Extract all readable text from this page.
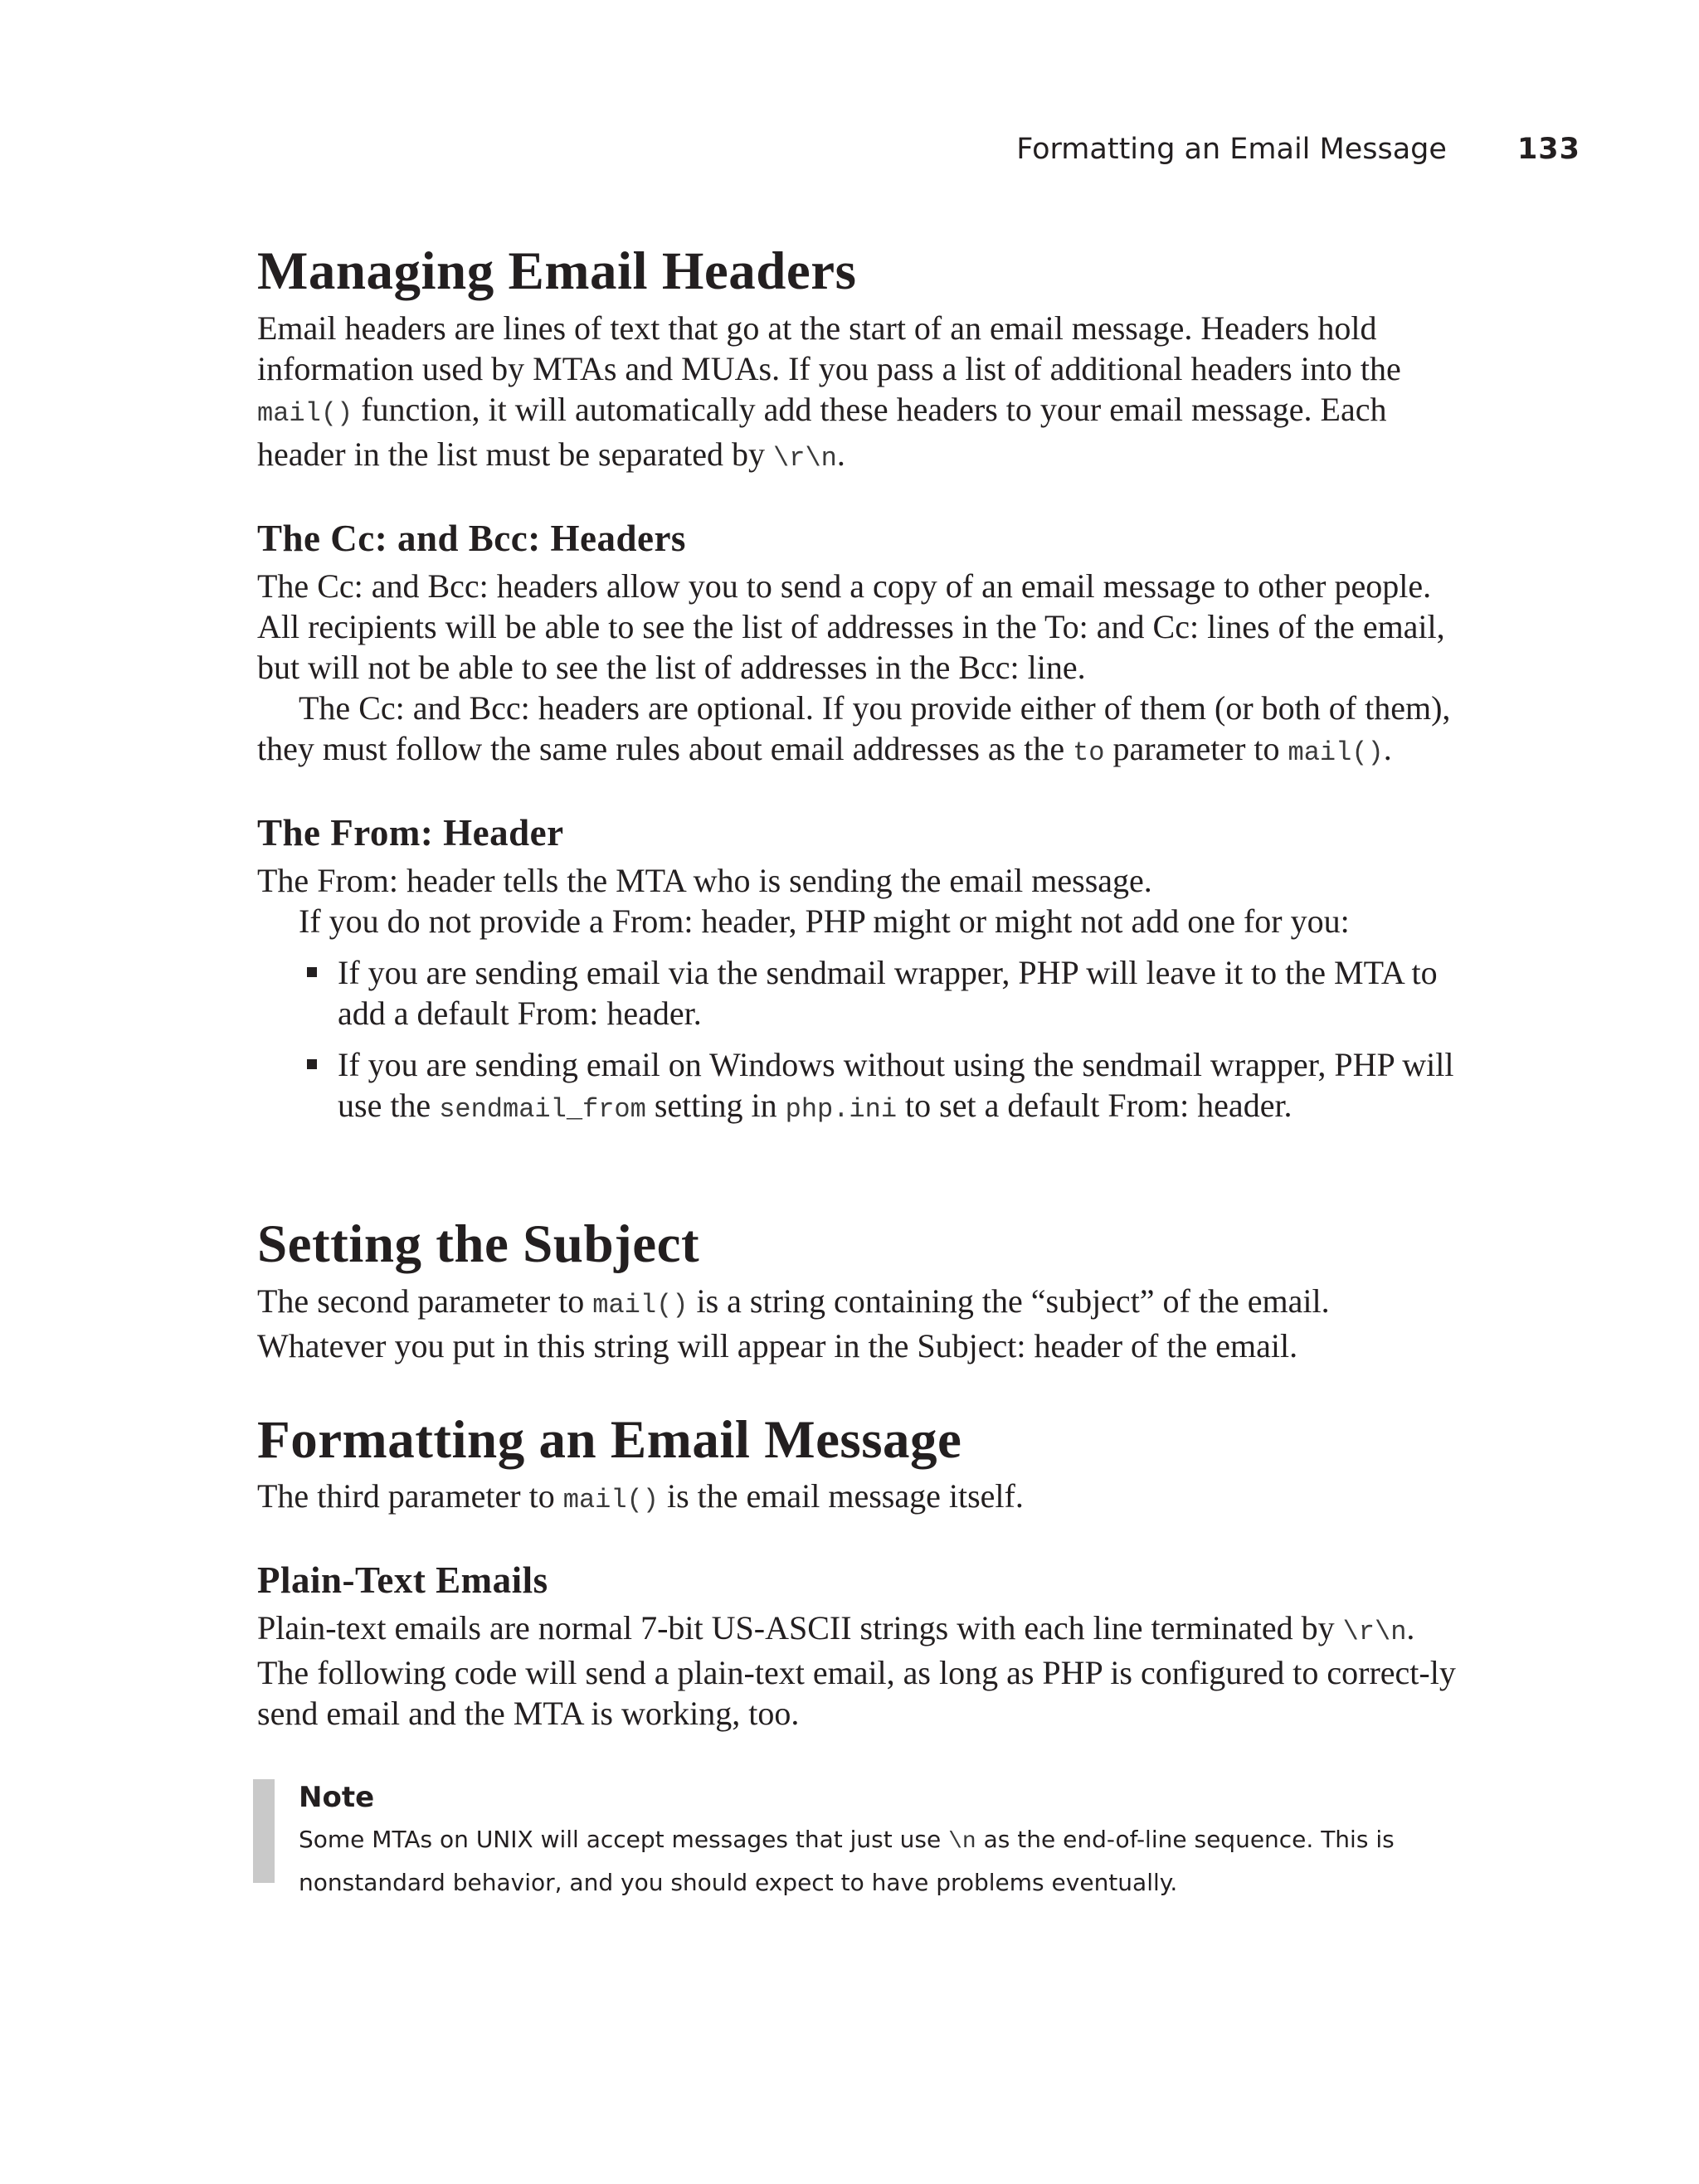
Formatting an Email Message 133
Managing Email Headers

Email headers are lines of text that go at the start of an email message. Headers hold information used by MTAs and MUAs. If you pass a list of additional headers into the mail() function, it will automatically add these headers to your email message. Each header in the list must be separated by \r\n.

The Cc: and Bcc: Headers

The Cc: and Bcc: headers allow you to send a copy of an email message to other people. All recipients will be able to see the list of addresses in the To: and Cc: lines of the email, but will not be able to see the list of addresses in the Bcc: line.

The Cc: and Bcc: headers are optional. If you provide either of them (or both of them), they must follow the same rules about email addresses as the to parameter to mail().

The From: Header

The From: header tells the MTA who is sending the email message.

If you do not provide a From: header, PHP might or might not add one for you:

If you are sending email via the sendmail wrapper, PHP will leave it to the MTA to add a default From: header.
If you are sending email on Windows without using the sendmail wrapper, PHP will use the sendmail_from setting in php.ini to set a default From: header.
Setting the Subject

The second parameter to mail() is a string containing the “subject” of the email. Whatever you put in this string will appear in the Subject: header of the email.

Formatting an Email Message

The third parameter to mail() is the email message itself.

Plain-Text Emails

Plain-text emails are normal 7-bit US-ASCII strings with each line terminated by \r\n. The following code will send a plain-text email, as long as PHP is configured to correct-ly send email and the MTA is working, too.

Note

Some MTAs on UNIX will accept messages that just use \n as the end-of-line sequence. This is nonstandard behavior, and you should expect to have problems eventually.
